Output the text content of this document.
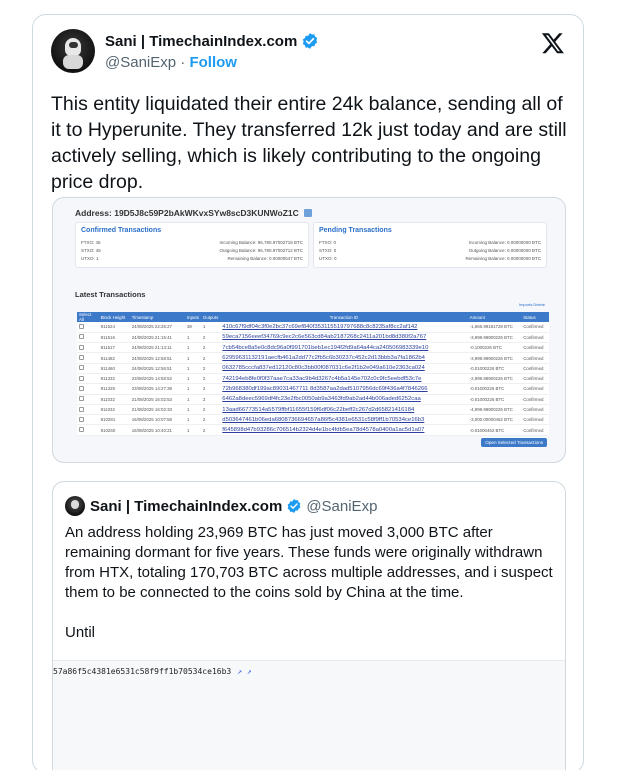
Sani | TimechainIndex.com
@SaniExp · Follow
This entity liquidated their entire 24k balance, sending all of it to Hyperunite. They transferred 12k just today and are still actively selling, which is likely contributing to the ongoing price drop.
Address: 19D5J8c59P2bAkWKvxSYw8scD3KUNWoZ1C
Confirmed Transactions
FTXO: 45	Incoming Balance: 96,780.97002718 BTC
STXO: 45	Outgoing Balance: 96,780.97002712 BTC
UTXO: 1	Remaining Balance: 0.00000547 BTC
Pending Transactions
FTXO: 0	Incoming Balance: 0.00000000 BTC
STXO: 0	Outgoing Balance: 0.00000000 BTC
UTXO: 0	Remaining Balance: 0.00000000 BTC
Latest Transactions
Imports Delete
Select All	Block Height	Timestamp	Inputs	Outputs	Transaction ID	Amount	Status
	911524	24/08/2025 22:26:27	38	1	410c67f9df04c3f0e2bc37c69ef840f353115519797688c8c8235af8cc2af142	-1,666.99181728 BTC	Confirmed
	911516	24/08/2025 21:15:41	1	2	59eca7156eeef34769c9ec2c6e563cd84ab2187268c2411a201bd8d380f2a767	-3,999.99900226 BTC	Confirmed
	911517	24/08/2025 21:14:11	1	2	7cb54bce8a5e0c8dc96a0f991701beb1ec194f2fd9a64a44ca240506983339e10	-0.1000226 BTC	Confirmed
	911482	24/08/2025 12:58:51	1	2	62959631132191aecfb461a2dd77c2fb5c6b30237c452c2d13bbb3a7fa1862b4	-3,999.99900226 BTC	Confirmed
	911460	24/08/2025 12:56:51	1	2	0632785cccfa837ed12120c80c3bb00f087031c6e2f1b2e049a610e2363ca024	-0.01000226 BTC	Confirmed
	911332	23/08/2025 14:58:52	1	2	742194eb8fe0f0f37aae7ca33ac9b4d3267c4b5a145e702c0c9fc5eebdf53c7e	-2,999.99900226 BTC	Confirmed
	911329	23/08/2025 14:27:38	1	2	72b968380df199ac89031467711 8d3587aa2dad5107956dc69f436a4f7846266	-0.01000226 BTC	Confirmed
	911032	21/08/2025 16:02:53	1	2	6462a8deec5969df4fc23e2fbc0050ab9a3463fd9ab2ad44b006aded6252caa	-0.01000226 BTC	Confirmed
	911032	21/08/2025 16:02:33	1	2	13aad66773514a5579ffbf11655f159f6df06c22beff2c267d2d65821416184	-4,999.99900226 BTC	Confirmed
	910281	16/08/2025 10:07:58	1	2	d503647461b06eda6808736694657a86f5c4381e6531c58f9ff1b70534ce16b3	-3,000.00000462 BTC	Confirmed
	910260	16/08/2025 10:40:21	1	2	f645898d47b93286c706514b2324d4e1bc4fdb5ea78d4578a0400a1ac5d1a07	-0.01000462 BTC	Confirmed
Open Selected Transactions
Sani | TimechainIndex.com @SaniExp

An address holding 23,969 BTC has just moved 3,000 BTC after remaining dormant for five years. These funds were originally withdrawn from HTX, totaling 170,703 BTC across multiple addresses, and i suspect them to be connected to the coins sold by China at the time.

Until

57a86f5c4381e6531c58f9ff1b70534ce16b3 ↗ ↗
